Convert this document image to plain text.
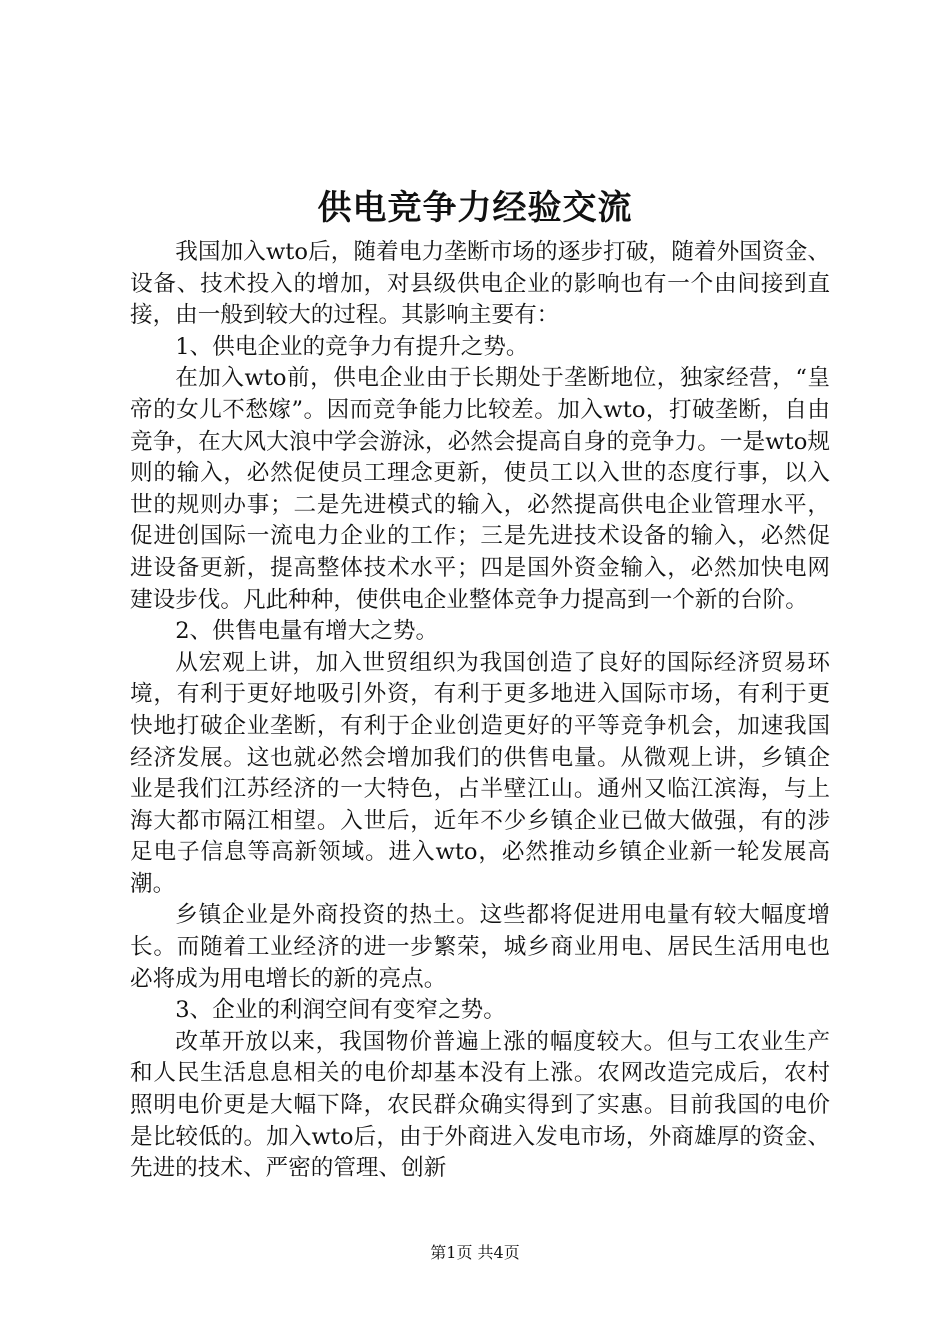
供电竞争力经验交流

我国加入wto后，随着电力垄断市场的逐步打破，随着外国资金、设备、技术投入的增加，对县级供电企业的影响也有一个由间接到直接，由一般到较大的过程。其影响主要有：

1、供电企业的竞争力有提升之势。

在加入wto前，供电企业由于长期处于垄断地位，独家经营，“皇帝的女儿不愁嫁”。因而竞争能力比较差。加入wto，打破垄断，自由竞争，在大风大浪中学会游泳，必然会提高自身的竞争力。一是wto规则的输入，必然促使员工理念更新，使员工以入世的态度行事，以入世的规则办事；二是先进模式的输入，必然提高供电企业管理水平，促进创国际一流电力企业的工作；三是先进技术设备的输入，必然促进设备更新，提高整体技术水平；四是国外资金输入，必然加快电网建设步伐。凡此种种，使供电企业整体竞争力提高到一个新的台阶。

2、供售电量有增大之势。

从宏观上讲，加入世贸组织为我国创造了良好的国际经济贸易环境，有利于更好地吸引外资，有利于更多地进入国际市场，有利于更快地打破企业垄断，有利于企业创造更好的平等竞争机会，加速我国经济发展。这也就必然会增加我们的供售电量。从微观上讲，乡镇企业是我们江苏经济的一大特色，占半壁江山。通州又临江滨海，与上海大都市隔江相望。入世后，近年不少乡镇企业已做大做强，有的涉足电子信息等高新领域。进入wto，必然推动乡镇企业新一轮发展高潮。

乡镇企业是外商投资的热土。这些都将促进用电量有较大幅度增长。而随着工业经济的进一步繁荣，城乡商业用电、居民生活用电也必将成为用电增长的新的亮点。

3、企业的利润空间有变窄之势。

改革开放以来，我国物价普遍上涨的幅度较大。但与工农业生产和人民生活息息相关的电价却基本没有上涨。农网改造完成后，农村照明电价更是大幅下降，农民群众确实得到了实惠。目前我国的电价是比较低的。加入wto后，由于外商进入发电市场，外商雄厚的资金、先进的技术、严密的管理、创新

第1页 共4页
